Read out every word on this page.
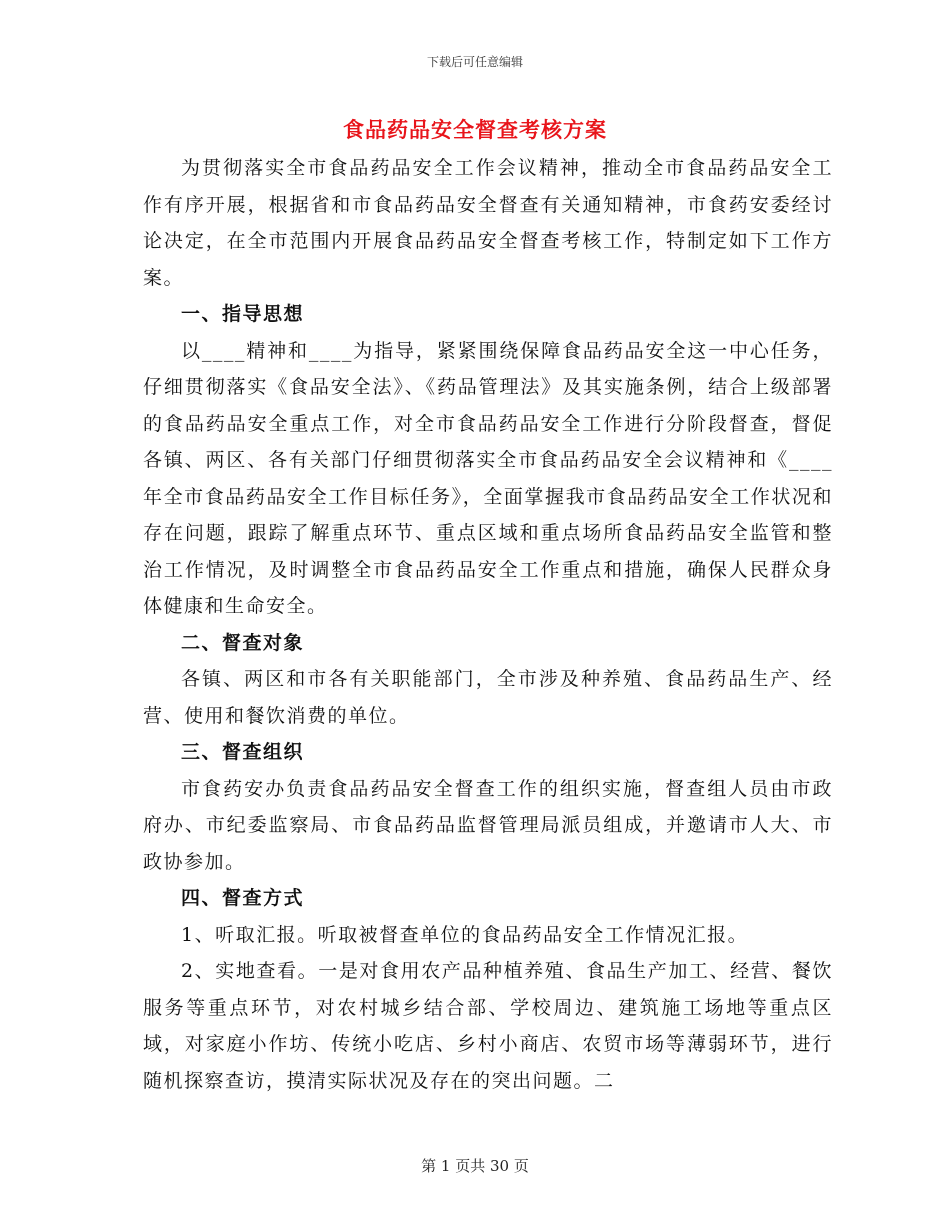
下载后可任意编辑
食品药品安全督查考核方案

为贯彻落实全市食品药品安全工作会议精神，推动全市食品药品安全工作有序开展，根据省和市食品药品安全督查有关通知精神，市食药安委经讨论决定，在全市范围内开展食品药品安全督查考核工作，特制定如下工作方案。

一、指导思想

以____精神和____为指导，紧紧围绕保障食品药品安全这一中心任务，仔细贯彻落实《食品安全法》、《药品管理法》及其实施条例，结合上级部署的食品药品安全重点工作，对全市食品药品安全工作进行分阶段督查，督促各镇、两区、各有关部门仔细贯彻落实全市食品药品安全会议精神和《____年全市食品药品安全工作目标任务》，全面掌握我市食品药品安全工作状况和存在问题，跟踪了解重点环节、重点区域和重点场所食品药品安全监管和整治工作情况，及时调整全市食品药品安全工作重点和措施，确保人民群众身体健康和生命安全。

二、督查对象

各镇、两区和市各有关职能部门，全市涉及种养殖、食品药品生产、经营、使用和餐饮消费的单位。

三、督查组织

市食药安办负责食品药品安全督查工作的组织实施，督查组人员由市政府办、市纪委监察局、市食品药品监督管理局派员组成，并邀请市人大、市政协参加。

四、督查方式

1、听取汇报。听取被督查单位的食品药品安全工作情况汇报。

2、实地查看。一是对食用农产品种植养殖、食品生产加工、经营、餐饮服务等重点环节，对农村城乡结合部、学校周边、建筑施工场地等重点区域，对家庭小作坊、传统小吃店、乡村小商店、农贸市场等薄弱环节，进行随机探察查访，摸清实际状况及存在的突出问题。二

第 1 页共 30 页
